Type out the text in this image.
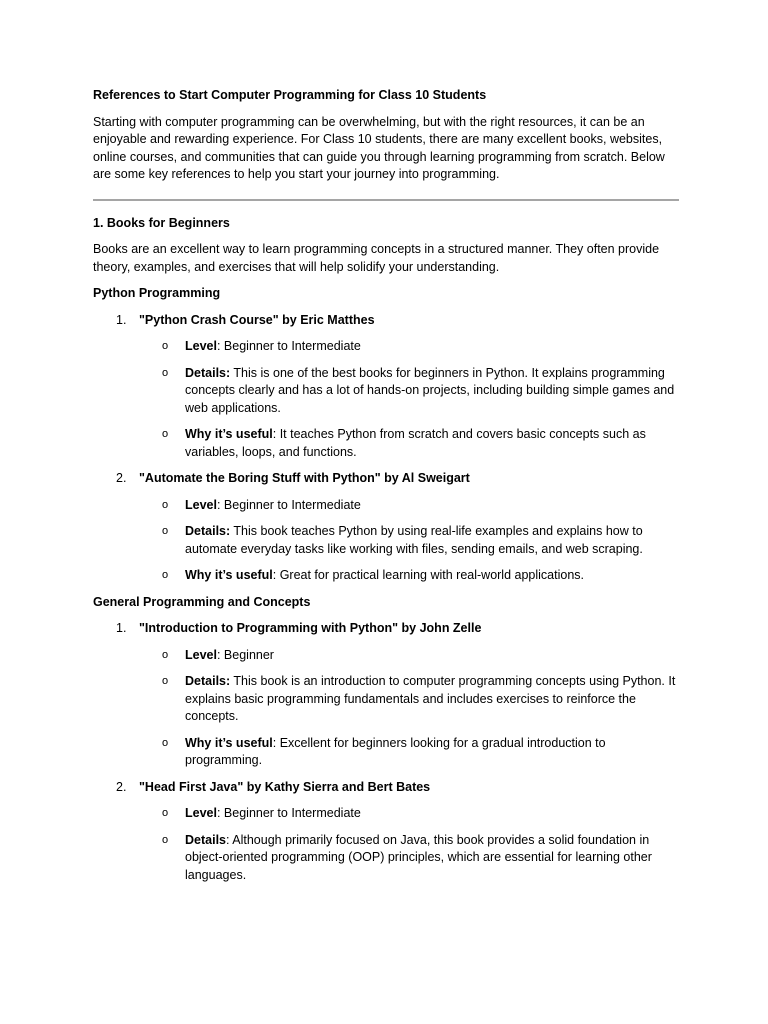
References to Start Computer Programming for Class 10 Students

Starting with computer programming can be overwhelming, but with the right resources, it can be an enjoyable and rewarding experience. For Class 10 students, there are many excellent books, websites, online courses, and communities that can guide you through learning programming from scratch. Below are some key references to help you start your journey into programming.

1. Books for Beginners

Books are an excellent way to learn programming concepts in a structured manner. They often provide theory, examples, and exercises that will help solidify your understanding.

Python Programming

1. "Python Crash Course" by Eric Matthes
o Level: Beginner to Intermediate
o Details: This is one of the best books for beginners in Python. It explains programming concepts clearly and has a lot of hands-on projects, including building simple games and web applications.
o Why it’s useful: It teaches Python from scratch and covers basic concepts such as variables, loops, and functions.
2. "Automate the Boring Stuff with Python" by Al Sweigart
o Level: Beginner to Intermediate
o Details: This book teaches Python by using real-life examples and explains how to automate everyday tasks like working with files, sending emails, and web scraping.
o Why it’s useful: Great for practical learning with real-world applications.

General Programming and Concepts

1. "Introduction to Programming with Python" by John Zelle
o Level: Beginner
o Details: This book is an introduction to computer programming concepts using Python. It explains basic programming fundamentals and includes exercises to reinforce the concepts.
o Why it’s useful: Excellent for beginners looking for a gradual introduction to programming.
2. "Head First Java" by Kathy Sierra and Bert Bates
o Level: Beginner to Intermediate
o Details: Although primarily focused on Java, this book provides a solid foundation in object-oriented programming (OOP) principles, which are essential for learning other languages.
